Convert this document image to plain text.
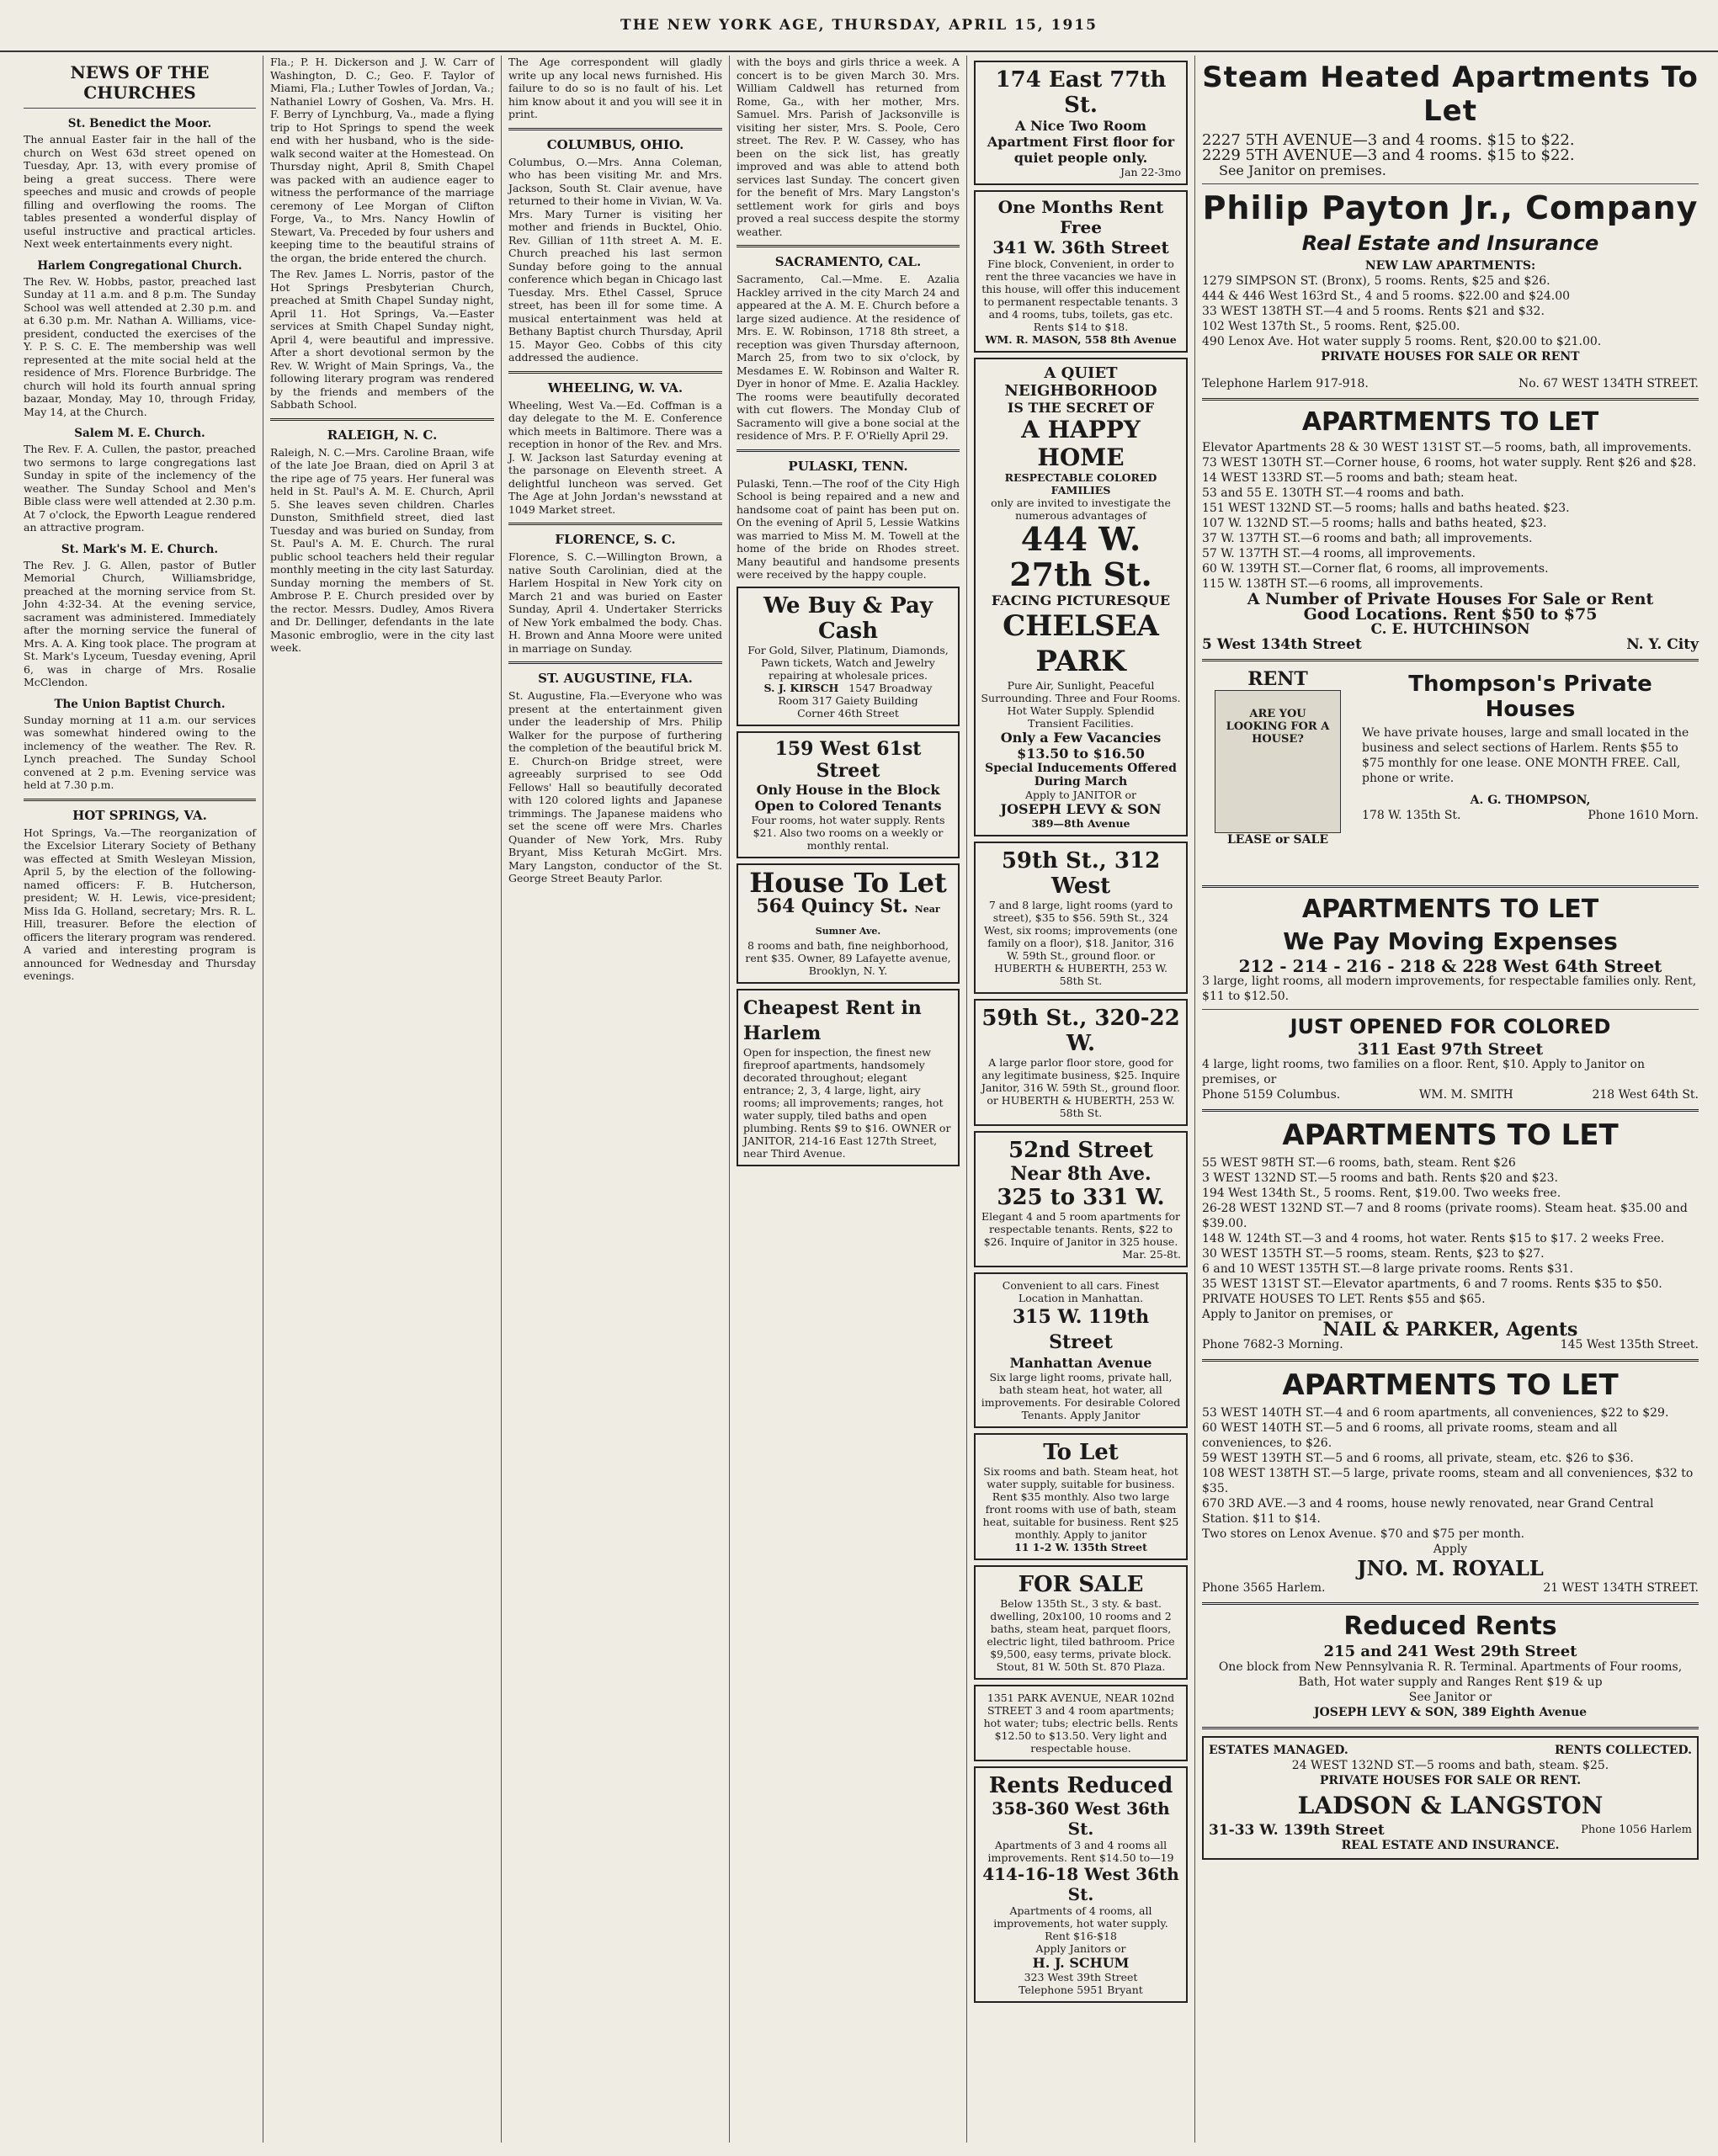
THE NEW YORK AGE, THURSDAY, APRIL 15, 1915
NEWS OF THE CHURCHES
St. Benedict the Moor.
The annual Easter fair in the hall of the church on West 63d street opened on Tuesday, Apr. 13, with every promise of being a great success. There were speeches and music and crowds of people filling and overflowing the rooms. The tables presented a wonderful display of useful instructive and practical articles. Next week entertainments every night.
Harlem Congregational Church.
The Rev. W. Hobbs, pastor, preached last Sunday at 11 a.m. and 8 p.m. The Sunday School was well attended at 2.30 p.m. and at 6.30 p.m. Mr. Nathan A. Williams, vice-president, conducted the exercises of the Y. P. S. C. E. The membership was well represented at the mite social held at the residence of Mrs. Florence Burbridge. The church will hold its fourth annual spring bazaar, Monday, May 10, through Friday, May 14, at the Church.
Salem M. E. Church.
The Rev. F. A. Cullen, the pastor, preached two sermons to large congregations last Sunday in spite of the inclemency of the weather. The Sunday School and Men's Bible class were well attended at 2.30 p.m. At 7 o'clock, the Epworth League rendered an attractive program.
St. Mark's M. E. Church.
The Rev. J. G. Allen, pastor of Butler Memorial Church, Williamsbridge, preached at the morning service from St. John 4:32-34. At the evening service, sacrament was administered. Immediately after the morning service the funeral of Mrs. A. A. King took place. The program at St. Mark's Lyceum, Tuesday evening, April 6, was in charge of Mrs. Rosalie McClendon.
The Union Baptist Church.
Sunday morning at 11 a.m. our services was somewhat hindered owing to the inclemency of the weather. The Rev. R. Lynch preached. The Sunday School convened at 2 p.m. Evening service was held at 7.30 p.m.
HOT SPRINGS, VA.
Hot Springs, Va.—The reorganization of the Excelsior Literary Society of Bethany was effected at Smith Wesleyan Mission, April 5, by the election of the following-named officers: F. B. Hutcherson, president; W. H. Lewis, vice-president; Miss Ida G. Holland, secretary; Mrs. R. L. Hill, treasurer. Before the election of officers the literary program was rendered. A varied and interesting program is announced for Wednesday and Thursday evenings.
Fla.; P. H. Dickerson and J. W. Carr of Washington, D. C.; Geo. F. Taylor of Miami, Fla.; Luther Towles of Jordan, Va.; Nathaniel Lowry of Goshen, Va. Mrs. H. F. Berry of Lynchburg, Va., made a flying trip to Hot Springs to spend the week end with her husband, who is the side-walk second waiter at the Homestead. On Thursday night, April 8, Smith Chapel was packed with an audience eager to witness the performance of the marriage ceremony of Lee Morgan of Clifton Forge, Va., to Mrs. Nancy Howlin of Stewart, Va. Preceded by four ushers and keeping time to the beautiful strains of the organ, the bride entered the church.
The Rev. James L. Norris, pastor of the Hot Springs Presbyterian Church, preached at Smith Chapel Sunday night, April 11. Hot Springs, Va.—Easter services at Smith Chapel Sunday night, April 4, were beautiful and impressive. After a short devotional sermon by the Rev. W. Wright of Main Springs, Va., the following literary program was rendered by the friends and members of the Sabbath School.
RALEIGH, N. C.
Raleigh, N. C.—Mrs. Caroline Braan, wife of the late Joe Braan, died on April 3 at the ripe age of 75 years. Her funeral was held in St. Paul's A. M. E. Church, April 5. She leaves seven children. Charles Dunston, Smithfield street, died last Tuesday and was buried on Sunday, from St. Paul's A. M. E. Church. The rural public school teachers held their regular monthly meeting in the city last Saturday. Sunday morning the members of St. Ambrose P. E. Church presided over by the rector. Messrs. Dudley, Amos Rivera and Dr. Dellinger, defendants in the late Masonic embroglio, were in the city last week.
The Age correspondent will gladly write up any local news furnished. His failure to do so is no fault of his. Let him know about it and you will see it in print.
COLUMBUS, OHIO.
Columbus, O.—Mrs. Anna Coleman, who has been visiting Mr. and Mrs. Jackson, South St. Clair avenue, have returned to their home in Vivian, W. Va. Mrs. Mary Turner is visiting her mother and friends in Bucktel, Ohio. Rev. Gillian of 11th street A. M. E. Church preached his last sermon Sunday before going to the annual conference which began in Chicago last Tuesday. Mrs. Ethel Cassel, Spruce street, has been ill for some time. A musical entertainment was held at Bethany Baptist church Thursday, April 15. Mayor Geo. Cobbs of this city addressed the audience.
WHEELING, W. VA.
Wheeling, West Va.—Ed. Coffman is a day delegate to the M. E. Conference which meets in Baltimore. There was a reception in honor of the Rev. and Mrs. J. W. Jackson last Saturday evening at the parsonage on Eleventh street. A delightful luncheon was served. Get The Age at John Jordan's newsstand at 1049 Market street.
FLORENCE, S. C.
Florence, S. C.—Willington Brown, a native South Carolinian, died at the Harlem Hospital in New York city on March 21 and was buried on Easter Sunday, April 4. Undertaker Sterricks of New York embalmed the body. Chas. H. Brown and Anna Moore were united in marriage on Sunday.
ST. AUGUSTINE, FLA.
St. Augustine, Fla.—Everyone who was present at the entertainment given under the leadership of Mrs. Philip Walker for the purpose of furthering the completion of the beautiful brick M. E. Church-on Bridge street, were agreeably surprised to see Odd Fellows' Hall so beautifully decorated with 120 colored lights and Japanese trimmings. The Japanese maidens who set the scene off were Mrs. Charles Quander of New York, Mrs. Ruby Bryant, Miss Keturah McGirt. Mrs. Mary Langston, conductor of the St. George Street Beauty Parlor.
with the boys and girls thrice a week. A concert is to be given March 30. Mrs. William Caldwell has returned from Rome, Ga., with her mother, Mrs. Samuel. Mrs. Parish of Jacksonville is visiting her sister, Mrs. S. Poole, Cero street. The Rev. P. W. Cassey, who has been on the sick list, has greatly improved and was able to attend both services last Sunday. The concert given for the benefit of Mrs. Mary Langston's settlement work for girls and boys proved a real success despite the stormy weather.
SACRAMENTO, CAL.
Sacramento, Cal.—Mme. E. Azalia Hackley arrived in the city March 24 and appeared at the A. M. E. Church before a large sized audience. At the residence of Mrs. E. W. Robinson, 1718 8th street, a reception was given Thursday afternoon, March 25, from two to six o'clock, by Mesdames E. W. Robinson and Walter R. Dyer in honor of Mme. E. Azalia Hackley. The rooms were beautifully decorated with cut flowers. The Monday Club of Sacramento will give a bone social at the residence of Mrs. P. F. O'Rielly April 29.
PULASKI, TENN.
Pulaski, Tenn.—The roof of the City High School is being repaired and a new and handsome coat of paint has been put on. On the evening of April 5, Lessie Watkins was married to Miss M. M. Towell at the home of the bride on Rhodes street. Many beautiful and handsome presents were received by the happy couple.
We Buy & Pay Cash
For Gold, Silver, Platinum, Diamonds, Pawn tickets, Watch and Jewelry repairing at wholesale prices.
S. J. KIRSCH 1547 Broadway
Room 317 Gaiety Building
Corner 46th Street
159 West 61st Street
Only House in the Block Open to Colored Tenants
Four rooms, hot water supply. Rents $21. Also two rooms on a weekly or monthly rental.
House To Let
564 Quincy St. Near Sumner Ave.
8 rooms and bath, fine neighborhood, rent $35. Owner, 89 Lafayette avenue, Brooklyn, N. Y.
Cheapest Rent in Harlem
Open for inspection, the finest new fireproof apartments, handsomely decorated throughout; elegant entrance; 2, 3, 4 large, light, airy rooms; all improvements; ranges, hot water supply, tiled baths and open plumbing. Rents $9 to $16. OWNER or JANITOR, 214-16 East 127th Street, near Third Avenue.
174 East 77th St.
A Nice Two Room Apartment First floor for quiet people only.
Jan 22-3mo
One Months Rent Free
341 W. 36th Street
Fine block, Convenient, in order to rent the three vacancies we have in this house, will offer this inducement to permanent respectable tenants. 3 and 4 rooms, tubs, toilets, gas etc. Rents $14 to $18.
WM. R. MASON, 558 8th Avenue
A QUIET NEIGHBORHOOD
IS THE SECRET OF
A HAPPY HOME
RESPECTABLE COLORED FAMILIES
only are invited to investigate the numerous advantages of
444 W. 27th St.
FACING PICTURESQUE
CHELSEA PARK
Pure Air, Sunlight, Peaceful Surrounding. Three and Four Rooms. Hot Water Supply. Splendid Transient Facilities.
Only a Few Vacancies
$13.50 to $16.50
Special Inducements Offered During March
Apply to JANITOR or
JOSEPH LEVY & SON
389—8th Avenue
59th St., 312 West
7 and 8 large, light rooms (yard to street), $35 to $56. 59th St., 324 West, six rooms; improvements (one family on a floor), $18. Janitor, 316 W. 59th St., ground floor. or HUBERTH & HUBERTH, 253 W. 58th St.
59th St., 320-22 W.
A large parlor floor store, good for any legitimate business, $25. Inquire Janitor, 316 W. 59th St., ground floor. or HUBERTH & HUBERTH, 253 W. 58th St.
52nd Street
Near 8th Ave.
325 to 331 W.
Elegant 4 and 5 room apartments for respectable tenants. Rents, $22 to $26. Inquire of Janitor in 325 house.
Mar. 25-8t.
Convenient to all cars. Finest Location in Manhattan.
315 W. 119th Street
Manhattan Avenue
Six large light rooms, private hall, bath steam heat, hot water, all improvements. For desirable Colored Tenants. Apply Janitor
To Let
Six rooms and bath. Steam heat, hot water supply, suitable for business. Rent $35 monthly. Also two large front rooms with use of bath, steam heat, suitable for business. Rent $25 monthly. Apply to janitor
11 1-2 W. 135th Street
FOR SALE
Below 135th St., 3 sty. & bast. dwelling, 20x100, 10 rooms and 2 baths, steam heat, parquet floors, electric light, tiled bathroom. Price $9,500, easy terms, private block.
Stout, 81 W. 50th St. 870 Plaza.
1351 PARK AVENUE, NEAR 102nd STREET 3 and 4 room apartments; hot water; tubs; electric bells. Rents $12.50 to $13.50. Very light and respectable house.
Rents Reduced
358-360 West 36th St.
Apartments of 3 and 4 rooms all improvements. Rent $14.50 to—19
414-16-18 West 36th St.
Apartments of 4 rooms, all improvements, hot water supply. Rent $16-$18
Apply Janitors or
H. J. SCHUM
323 West 39th Street
Telephone 5951 Bryant
Steam Heated Apartments To Let
2227 5TH AVENUE—3 and 4 rooms. $15 to $22.
2229 5TH AVENUE—3 and 4 rooms. $15 to $22.
See Janitor on premises.
Philip Payton Jr., Company
Real Estate and Insurance
NEW LAW APARTMENTS:
1279 SIMPSON ST. (Bronx), 5 rooms. Rents, $25 and $26.
444 & 446 West 163rd St., 4 and 5 rooms. $22.00 and $24.00
33 WEST 138TH ST.—4 and 5 rooms. Rents $21 and $32.
102 West 137th St., 5 rooms. Rent, $25.00.
490 Lenox Ave. Hot water supply 5 rooms. Rent, $20.00 to $21.00.
PRIVATE HOUSES FOR SALE OR RENT
Telephone Harlem 917-918.	No. 67 WEST 134TH STREET.
APARTMENTS TO LET
Elevator Apartments 28 & 30 WEST 131ST ST.—5 rooms, bath, all improvements.
73 WEST 130TH ST.—Corner house, 6 rooms, hot water supply. Rent $26 and $28.
14 WEST 133RD ST.—5 rooms and bath; steam heat.
53 and 55 E. 130TH ST.—4 rooms and bath.
151 WEST 132ND ST.—5 rooms; halls and baths heated. $23.
107 W. 132ND ST.—5 rooms; halls and baths heated, $23.
37 W. 137TH ST.—6 rooms and bath; all improvements.
57 W. 137TH ST.—4 rooms, all improvements.
60 W. 139TH ST.—Corner flat, 6 rooms, all improvements.
115 W. 138TH ST.—6 rooms, all improvements.
A Number of Private Houses For Sale or Rent
Good Locations. Rent $50 to $75
C. E. HUTCHINSON
5 West 134th Street	N. Y. City
RENT
ARE YOU LOOKING FOR A HOUSE?
LEASE or SALE
Thompson's Private Houses
We have private houses, large and small located in the business and select sections of Harlem. Rents $55 to $75 monthly for one lease. ONE MONTH FREE. Call, phone or write.
A. G. THOMPSON,
178 W. 135th St.	Phone 1610 Morn.
APARTMENTS TO LET
We Pay Moving Expenses
212 - 214 - 216 - 218 & 228 West 64th Street
3 large, light rooms, all modern improvements, for respectable families only. Rent, $11 to $12.50.
JUST OPENED FOR COLORED
311 East 97th Street
4 large, light rooms, two families on a floor. Rent, $10. Apply to Janitor on premises, or
Phone 5159 Columbus.	WM. M. SMITH	218 West 64th St.
APARTMENTS TO LET
55 WEST 98TH ST.—6 rooms, bath, steam. Rent $26
3 WEST 132ND ST.—5 rooms and bath. Rents $20 and $23.
194 West 134th St., 5 rooms. Rent, $19.00. Two weeks free.
26-28 WEST 132ND ST.—7 and 8 rooms (private rooms). Steam heat. $35.00 and $39.00.
148 W. 124th ST.—3 and 4 rooms, hot water. Rents $15 to $17. 2 weeks Free.
30 WEST 135TH ST.—5 rooms, steam. Rents, $23 to $27.
6 and 10 WEST 135TH ST.—8 large private rooms. Rents $31.
35 WEST 131ST ST.—Elevator apartments, 6 and 7 rooms. Rents $35 to $50.
PRIVATE HOUSES TO LET. Rents $55 and $65.
Apply to Janitor on premises, or
NAIL & PARKER, Agents
Phone 7682-3 Morning.	145 West 135th Street.
APARTMENTS TO LET
53 WEST 140TH ST.—4 and 6 room apartments, all conveniences, $22 to $29.
60 WEST 140TH ST.—5 and 6 rooms, all private rooms, steam and all conveniences, to $26.
59 WEST 139TH ST.—5 and 6 rooms, all private, steam, etc. $26 to $36.
108 WEST 138TH ST.—5 large, private rooms, steam and all conveniences, $32 to $35.
670 3RD AVE.—3 and 4 rooms, house newly renovated, near Grand Central Station. $11 to $14.
Two stores on Lenox Avenue. $70 and $75 per month.
Apply
JNO. M. ROYALL
Phone 3565 Harlem.	21 WEST 134TH STREET.
Reduced Rents
215 and 241 West 29th Street
One block from New Pennsylvania R. R. Terminal. Apartments of Four rooms, Bath, Hot water supply and Ranges Rent $19 & up
See Janitor or
JOSEPH LEVY & SON, 389 Eighth Avenue
ESTATES MANAGED.	RENTS COLLECTED.
24 WEST 132ND ST.—5 rooms and bath, steam. $25.
PRIVATE HOUSES FOR SALE OR RENT.
LADSON & LANGSTON
31-33 W. 139th Street	Phone 1056 Harlem
REAL ESTATE AND INSURANCE.
